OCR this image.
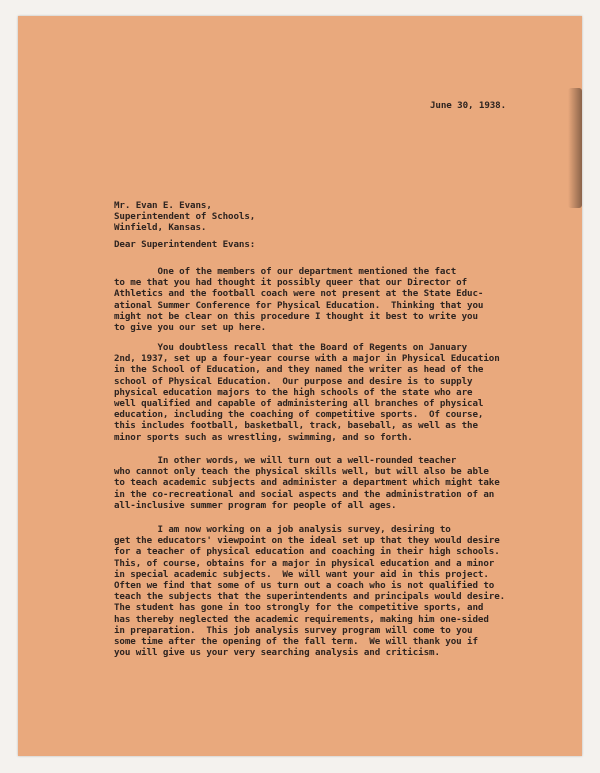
June 30, 1938.
Mr. Evan E. Evans,
Superintendent of Schools,
Winfield, Kansas.
Dear Superintendent Evans:
One of the members of our department mentioned the fact
to me that you had thought it possibly queer that our Director of
Athletics and the football coach were not present at the State Educ-
ational Summer Conference for Physical Education.  Thinking that you
might not be clear on this procedure I thought it best to write you
to give you our set up here.
You doubtless recall that the Board of Regents on January
2nd, 1937, set up a four-year course with a major in Physical Education
in the School of Education, and they named the writer as head of the
school of Physical Education.  Our purpose and desire is to supply
physical education majors to the high schools of the state who are
well qualified and capable of administering all branches of physical
education, including the coaching of competitive sports.  Of course,
this includes football, basketball, track, baseball, as well as the
minor sports such as wrestling, swimming, and so forth.
In other words, we will turn out a well-rounded teacher
who cannot only teach the physical skills well, but will also be able
to teach academic subjects and administer a department which might take
in the co-recreational and social aspects and the administration of an
all-inclusive summer program for people of all ages.
I am now working on a job analysis survey, desiring to
get the educators' viewpoint on the ideal set up that they would desire
for a teacher of physical education and coaching in their high schools.
This, of course, obtains for a major in physical education and a minor
in special academic subjects.  We will want your aid in this project.
Often we find that some of us turn out a coach who is not qualified to
teach the subjects that the superintendents and principals would desire.
The student has gone in too strongly for the competitive sports, and
has thereby neglected the academic requirements, making him one-sided
in preparation.  This job analysis survey program will come to you
some time after the opening of the fall term.  We will thank you if
you will give us your very searching analysis and criticism.
